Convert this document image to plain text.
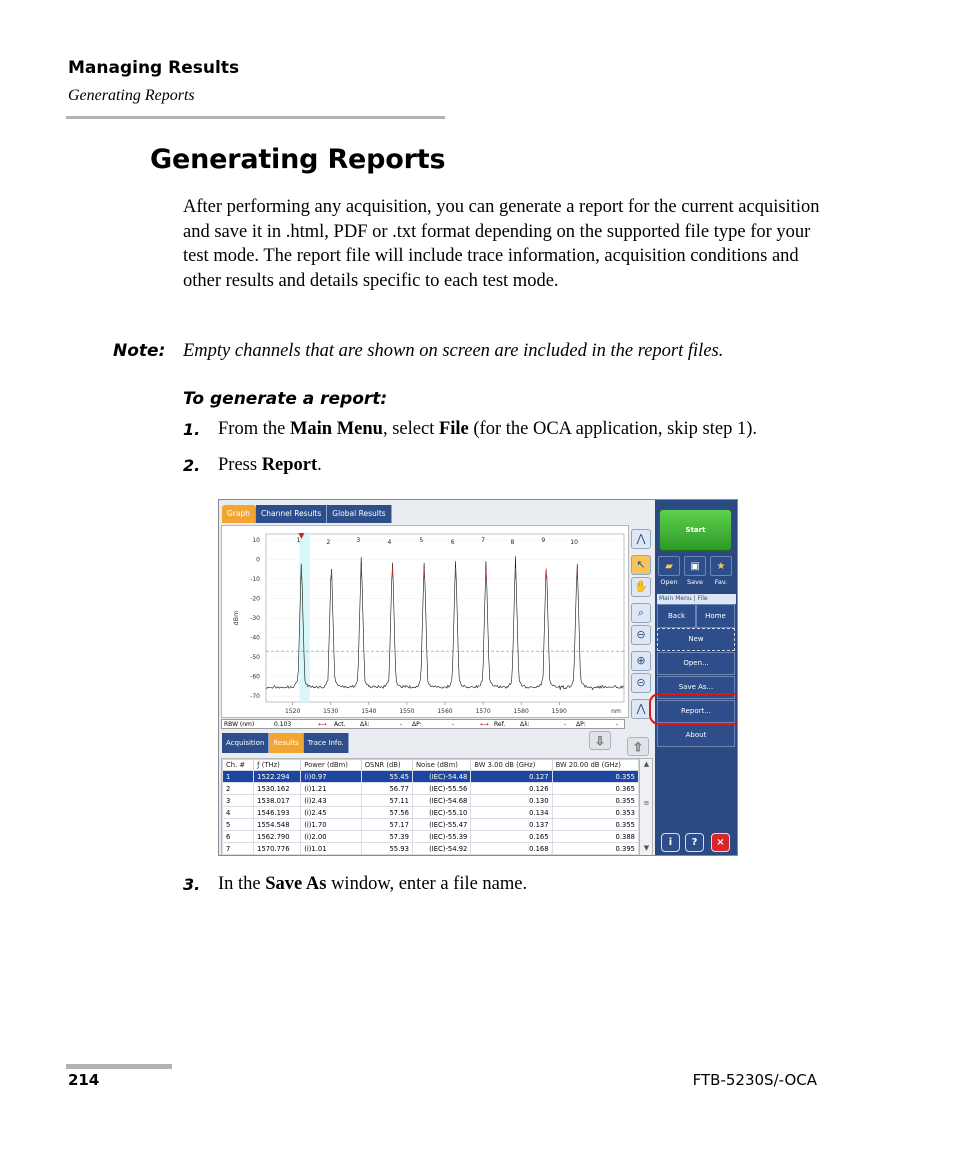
Managing Results
Generating Reports
Generating Reports

After performing any acquisition, you can generate a report for the current acquisition and save it in .html, PDF or .txt format depending on the supported file type for your test mode. The report file will include trace information, acquisition conditions and other results and details specific to each test mode.

Note: Empty channels that are shown on screen are included in the report files.
To generate a report:
1. From the Main Menu, select File (for the OCA application, skip step 1).
2. Press Report.
Graph	Channel Results	Global Results
10
0
-10
-20
-30
-40
-50
-60
-70
1520	1530	1540	1550	1560	1570	1580	1590	nm
dBm
1	2	3	4	5	6	7	8	9	10	⋀
↖
✋
⌕
⊖
⊕
⊝
⋀
RBW (nm)	0.103	⟷ Act. Δλ:	- ΔP:	-	⟷ Ref. Δλ:	- ΔP:	-
Acquisition	Results	Trace Info.	⇩	⇧
Ch. #	ƒ (THz)	Power (dBm)	OSNR (dB)	Noise (dBm)	BW 3.00 dB (GHz)	BW 20.00 dB (GHz)
1	1522.294	(i)0.97	55.45	(IEC)-54.48	0.127	0.355
2	1530.162	(i)1.21	56.77	(IEC)-55.56	0.126	0.365
3	1538.017	(i)2.43	57.11	(IEC)-54.68	0.130	0.355
4	1546.193	(i)2.45	57.56	(IEC)-55.10	0.134	0.353
5	1554.548	(i)1.70	57.17	(IEC)-55.47	0.137	0.355
6	1562.790	(i)2.00	57.39	(IEC)-55.39	0.165	0.388
7	1570.776	(i)1.01	55.93	(IEC)-54.92	0.168	0.395
▲
≡
▼
Start
▰	▣	★
Open	Save	Fav.
Main Menu | File
Back	Home
New
Open...
Save As...
Report...
About
i	?	×
3. In the Save As window, enter a file name.
214	FTB-5230S/-OCA
